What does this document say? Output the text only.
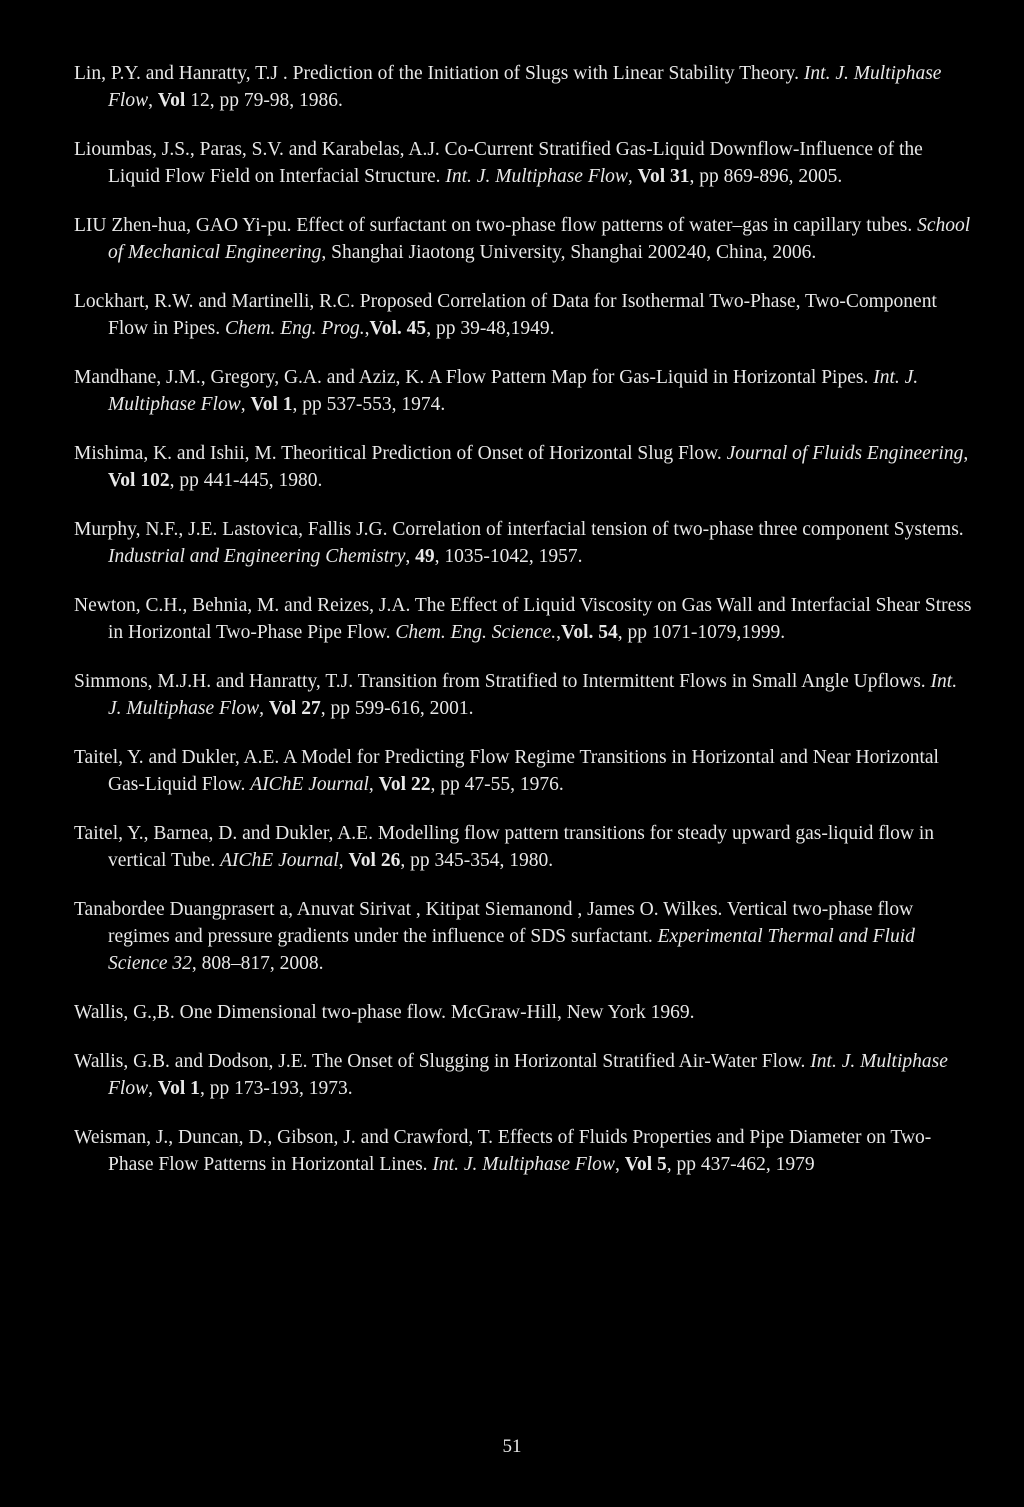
Lin, P.Y. and Hanratty, T.J . Prediction of the Initiation of Slugs with Linear Stability Theory. Int. J. Multiphase Flow, Vol 12, pp 79-98, 1986.
Lioumbas, J.S., Paras, S.V. and Karabelas, A.J. Co-Current Stratified Gas-Liquid Downflow-Influence of the Liquid Flow Field on Interfacial Structure. Int. J. Multiphase Flow, Vol 31, pp 869-896, 2005.
LIU Zhen-hua, GAO Yi-pu. Effect of surfactant on two-phase flow patterns of water–gas in capillary tubes. School of Mechanical Engineering, Shanghai Jiaotong University, Shanghai 200240, China, 2006.
Lockhart, R.W. and Martinelli, R.C. Proposed Correlation of Data for Isothermal Two-Phase, Two-Component Flow in Pipes. Chem. Eng. Prog.,Vol. 45, pp 39-48,1949.
Mandhane, J.M., Gregory, G.A. and Aziz, K. A Flow Pattern Map for Gas-Liquid in Horizontal Pipes. Int. J. Multiphase Flow, Vol 1, pp 537-553, 1974.
Mishima, K. and Ishii, M. Theoritical Prediction of Onset of Horizontal Slug Flow. Journal of Fluids Engineering, Vol 102, pp 441-445, 1980.
Murphy, N.F., J.E. Lastovica, Fallis J.G. Correlation of interfacial tension of two-phase three component Systems. Industrial and Engineering Chemistry, 49, 1035-1042, 1957.
Newton, C.H., Behnia, M. and Reizes, J.A. The Effect of Liquid Viscosity on Gas Wall and Interfacial Shear Stress in Horizontal Two-Phase Pipe Flow. Chem. Eng. Science.,Vol. 54, pp 1071-1079,1999.
Simmons, M.J.H. and Hanratty, T.J. Transition from Stratified to Intermittent Flows in Small Angle Upflows. Int. J. Multiphase Flow, Vol 27, pp 599-616, 2001.
Taitel, Y. and Dukler, A.E. A Model for Predicting Flow Regime Transitions in Horizontal and Near Horizontal Gas-Liquid Flow. AIChE Journal, Vol 22, pp 47-55, 1976.
Taitel, Y., Barnea, D. and Dukler, A.E. Modelling flow pattern transitions for steady upward gas-liquid flow in vertical Tube. AIChE Journal, Vol 26, pp 345-354, 1980.
Tanabordee Duangprasert a, Anuvat Sirivat , Kitipat Siemanond , James O. Wilkes. Vertical two-phase flow regimes and pressure gradients under the influence of SDS surfactant. Experimental Thermal and Fluid Science 32, 808–817, 2008.
Wallis, G.,B. One Dimensional two-phase flow. McGraw-Hill, New York 1969.
Wallis, G.B. and Dodson, J.E. The Onset of Slugging in Horizontal Stratified Air-Water Flow. Int. J. Multiphase Flow, Vol 1, pp 173-193, 1973.
Weisman, J., Duncan, D., Gibson, J. and Crawford, T. Effects of Fluids Properties and Pipe Diameter on Two-Phase Flow Patterns in Horizontal Lines. Int. J. Multiphase Flow, Vol 5, pp 437-462, 1979
51
